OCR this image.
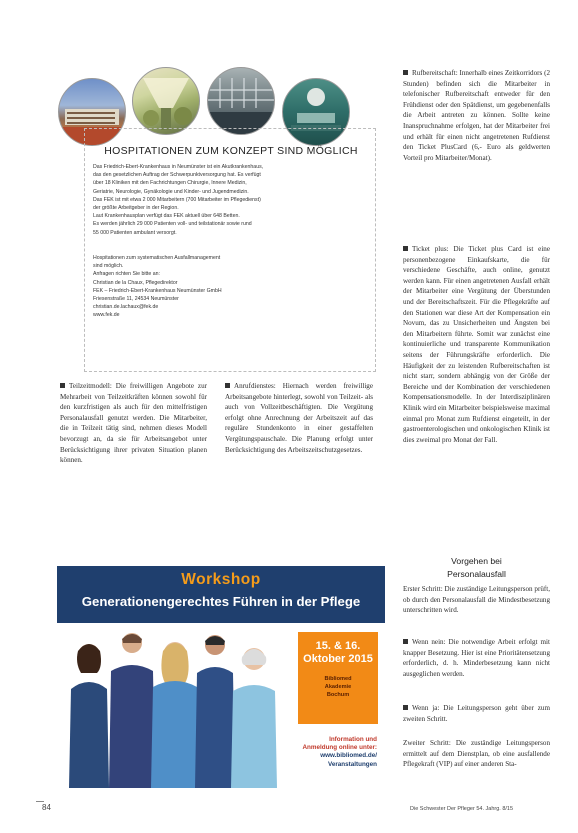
HOSPITATIONEN ZUM KONZEPT SIND MÖGLICH
Das Friedrich-Ebert-Krankenhaus in Neumünster ist ein Akutkrankenhaus,
das den gesetzlichen Auftrag der Schwerpunktversorgung hat. Es verfügt
über 18 Kliniken mit den Fachrichtungen Chirurgie, Innere Medizin,
Geriatrie, Neurologie, Gynäkologie und Kinder- und Jugendmedizin.
Das FEK ist mit etwa 2 000 Mitarbeitern (700 Mitarbeiter im Pflegedienst)
der größte Arbeitgeber in der Region.
Laut Krankenhausplan verfügt das FEK aktuell über 648 Betten.
Es werden jährlich 29 000 Patienten voll- und teilstationär sowie rund
55 000 Patienten ambulant versorgt.
Hospitationen zum systematischen Ausfallmanagement
sind möglich.
Anfragen richten Sie bitte an:
Christian de la Chaux, Pflegedirektor
FEK – Friedrich-Ebert-Krankenhaus Neumünster GmbH
Friesenstraße 11, 24534 Neumünster
christian.de.lachaux@fek.de
www.fek.de
Teilzeitmodell: Die freiwilligen Angebote zur Mehrarbeit von Teilzeitkräften können sowohl für den kurzfristigen als auch für den mittelfristigen Personalausfall genutzt werden. Die Mitarbeiter, die in Teilzeit tätig sind, nehmen dieses Modell bevorzugt an, da sie für Arbeitsangebot unter Berücksichtigung ihrer privaten Situation planen können.
Anrufdienstes: Hiernach werden freiwillige Arbeitsangebote hinterlegt, sowohl von Teilzeit- als auch von Vollzeitbeschäftigten. Die Vergütung erfolgt ohne Anrechnung der Arbeitszeit auf das reguläre Stundenkonto in einer gestaffelten Vergütungspauschale. Die Planung erfolgt unter Berücksichtigung des Arbeitszeitschutzgesetzes.
Rufbereitschaft: Innerhalb eines Zeitkorridors (2 Stunden) befinden sich die Mitarbeiter in telefonischer Rufbereitschaft entweder für den Frühdienst oder den Spätdienst, um gegebenenfalls die Arbeit antreten zu können. Sollte keine Inanspruchnahme erfolgen, hat der Mitarbeiter frei und erhält für einen nicht angetretenen Rufdienst den Ticket PlusCard (6,- Euro als geldwerten Vorteil pro Mitarbeiter/Monat).
Ticket plus: Die Ticket plus Card ist eine personenbezogene Einkaufskarte, die für verschiedene Geschäfte, auch online, genutzt werden kann. Für einen angetretenen Ausfall erhält der Mitarbeiter eine Vergütung der Überstunden und der Bereitschaftszeit. Für die Pflegekräfte auf den Stationen war diese Art der Kompensation ein Novum, das zu Unsicherheiten und Ängsten bei den Mitarbeitern führte. Somit war zunächst eine kontinuierliche und transparente Kommunikation seitens der Führungskräfte erforderlich. Die Häufigkeit der zu leistenden Rufbereitschaften ist nicht starr, sondern abhängig von der Größe der Bereiche und der Kombination der verschiedenen Kompensationsmodelle. In der Interdisziplinären Klinik wird ein Mitarbeiter beispielsweise maximal einmal pro Monat zum Rufdienst eingeteilt, in der gastroenterologischen und onkologischen Klinik ist dies zweimal pro Monat der Fall.
Vorgehen bei
Personalausfall
Erster Schritt: Die zuständige Leitungsperson prüft, ob durch den Personalausfall die Mindestbesetzung unterschritten wird.
Wenn nein: Die notwendige Arbeit erfolgt mit knapper Besetzung. Hier ist eine Prioritätensetzung erforderlich, d. h. Minderbesetzung kann nicht ausgeglichen werden.
Wenn ja: Die Leitungsperson geht über zum zweiten Schritt.
Zweiter Schritt: Die zuständige Leitungsperson ermittelt auf dem Dienstplan, ob eine ausfallende Pflegekraft (VIP) auf einer anderen Sta-
Workshop
Generationengerechtes Führen in der Pflege
15. & 16.
Oktober 2015
Bibliomed
Akademie
Bochum
Information und
Anmeldung online unter:
www.bibliomed.de/
Veranstaltungen
84	Die Schwester Der Pfleger 54. Jahrg. 8/15
